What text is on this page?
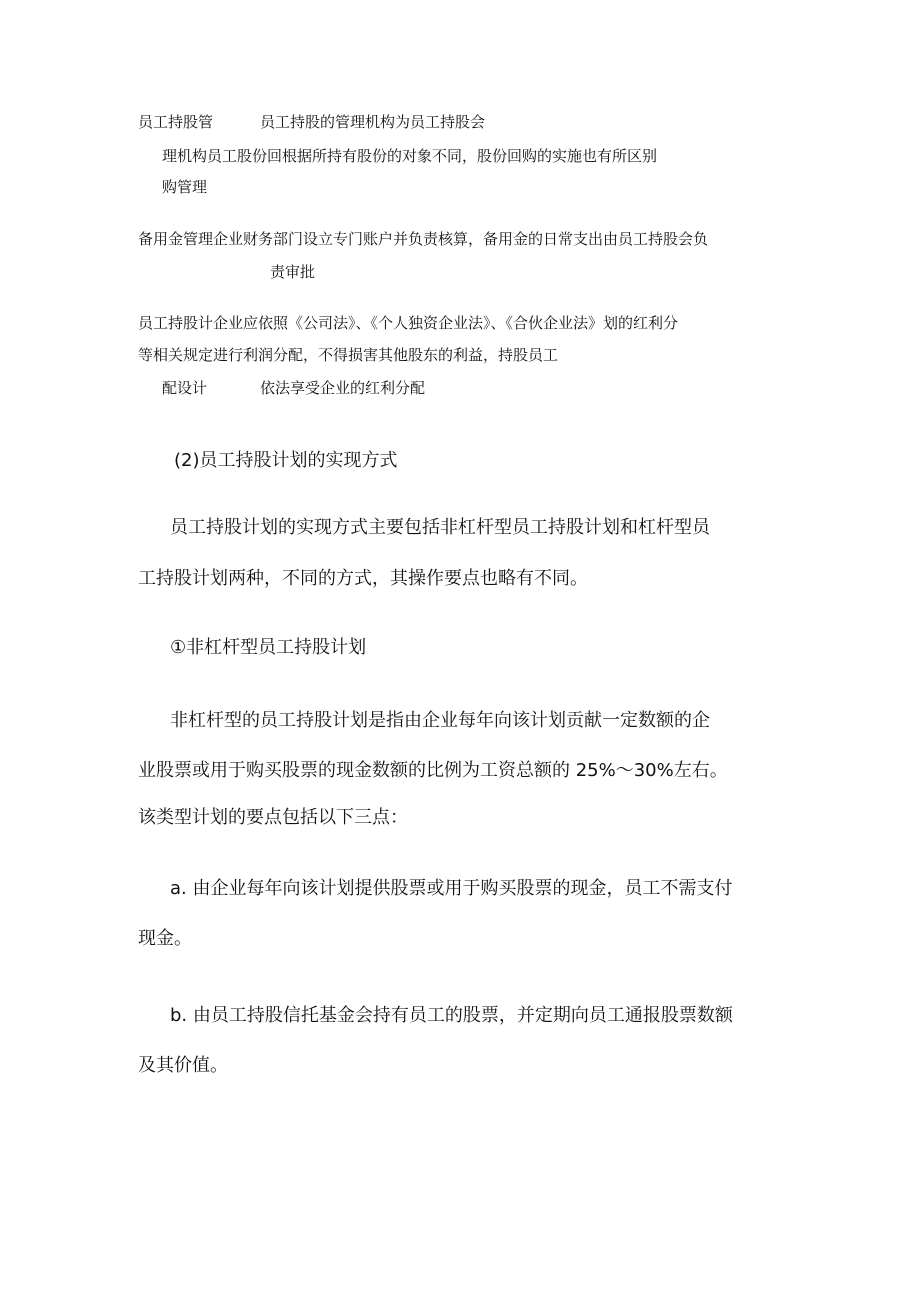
员工持股管	员工持股的管理机构为员工持股会
理机构 员工股份回根据所持有股份的对象不同，股份回购的实施也有所区别
购管理
备用金管理企业财务部门设立专门账户并负责核算，备用金的日常支出由员工持股会负
责审批
员工持股计企业应依照《公司法》、《个人独资企业法》、《合伙企业法》划的红利分
等相关规定进行利润分配，不得损害其他股东的利益，持股员工
配设计	依法享受企业的红利分配
(2)员工持股计划的实现方式
员工持股计划的实现方式主要包括非杠杆型员工持股计划和杠杆型员
工持股计划两种，不同的方式，其操作要点也略有不同。
①非杠杆型员工持股计划
非杠杆型的员工持股计划是指由企业每年向该计划贡献一定数额的企
业股票或用于购买股票的现金数额的比例为工资总额的 25%～30%左右。
该类型计划的要点包括以下三点：
a. 由企业每年向该计划提供股票或用于购买股票的现金，员工不需支付
现金。
b. 由员工持股信托基金会持有员工的股票，并定期向员工通报股票数额
及其价值。
